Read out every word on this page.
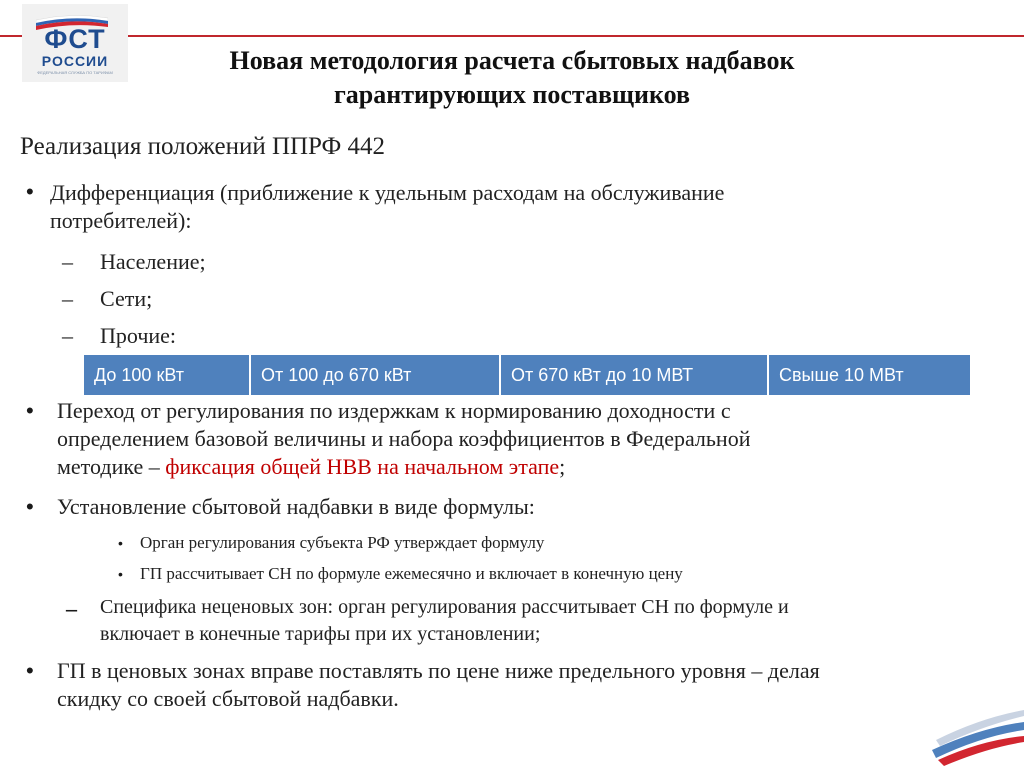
ФСТ
РОССИИ
ФЕДЕРАЛЬНАЯ СЛУЖБА ПО ТАРИФАМ	Новая методология расчета сбытовых надбавок
гарантирующих поставщиков
Реализация положений ППРФ 442
• Дифференциация (приближение к удельным расходам на обслуживание
потребителей):
– Население;
– Сети;
– Прочие:
До 100 кВт	От 100 до 670 кВт	От 670 кВт до 10 МВТ	Свыше 10 МВт
• Переход от регулирования по издержкам к нормированию доходности с
определением базовой величины и набора коэффициентов в Федеральной
методике – фиксация общей НВВ на начальном этапе;
• Установление сбытовой надбавки в виде формулы:
• Орган регулирования субъекта РФ утверждает формулу
• ГП рассчитывает СН по формуле ежемесячно и включает в конечную цену
– Специфика неценовых зон: орган регулирования рассчитывает СН по формуле и
включает в конечные тарифы при их установлении;
• ГП в ценовых зонах вправе поставлять по цене ниже предельного уровня – делая
скидку со своей сбытовой надбавки.
